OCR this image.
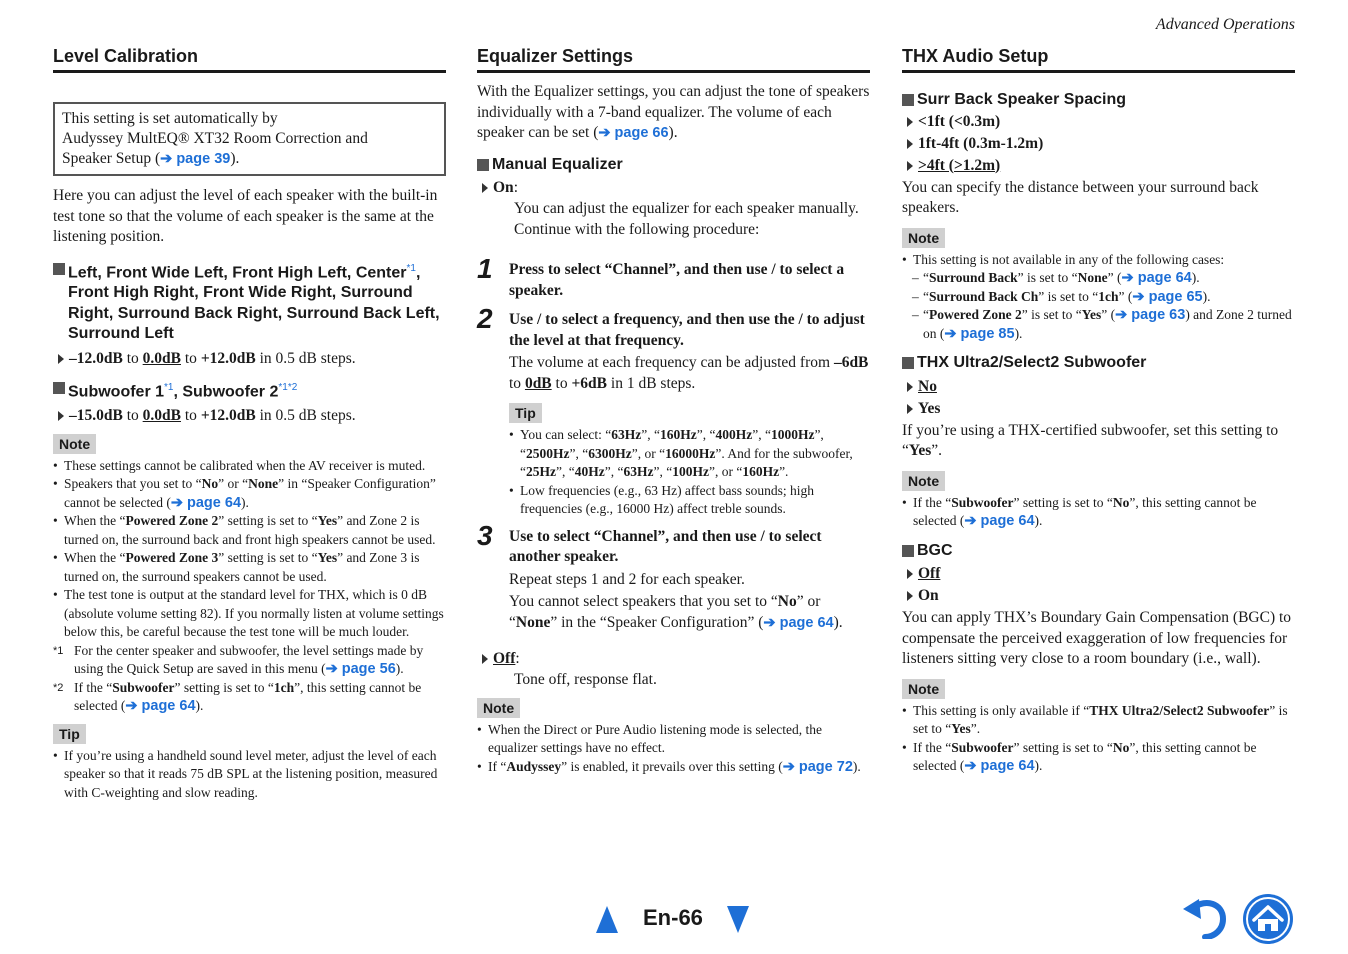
Advanced Operations
Level Calibration
This setting is set automatically by
Audyssey MultEQ® XT32 Room Correction and
Speaker Setup (➔ page 39).

Here you can adjust the level of each speaker with the built-in test tone so that the volume of each speaker is the same at the listening position.

Left, Front Wide Left, Front High Left, Center$^{*1}$, Front High Right, Front Wide Right, Surround Right, Surround Back Right, Surround Back Left, Surround Left
–12.0dB to 0.0dB to +12.0dB in 0.5 dB steps.
Subwoofer 1$^{*1}$, Subwoofer $2^{*1*2}$
–15.0dB to 0.0dB to +12.0dB in 0.5 dB steps.
Note
• These settings cannot be calibrated when the AV receiver is muted.
• Speakers that you set to “No” or “None” in “Speaker Configuration” cannot be selected (➔ page 64).
• When the “Powered Zone 2” setting is set to “Yes” and Zone 2 is turned on, the surround back and front high speakers cannot be used.
• When the “Powered Zone 3” setting is set to “Yes” and Zone 3 is turned on, the surround speakers cannot be used.
• The test tone is output at the standard level for THX, which is 0 dB (absolute volume setting 82). If you normally listen at volume settings below this, be careful because the test tone will be much louder.
*1 For the center speaker and subwoofer, the level settings made by using the Quick Setup are saved in this menu (➔ page 56).
*2 If the “Subwoofer” setting is set to “1ch”, this setting cannot be selected (➔ page 64).
Tip
• If you’re using a handheld sound level meter, adjust the level of each speaker so that it reads 75 dB SPL at the listening position, measured with C-weighting and slow reading.
Equalizer Settings

With the Equalizer settings, you can adjust the tone of speakers individually with a 7-band equalizer. The volume of each speaker can be set (➔ page 66).

Manual Equalizer
On:

You can adjust the equalizer for each speaker manually. Continue with the following procedure:

1 Press to select “Channel”, and then use / to select a speaker.
2 Use / to select a frequency, and then use the / to adjust the level at that frequency.

The volume at each frequency can be adjusted from –6dB to 0dB to +6dB in 1 dB steps.

Tip
• You can select: “63Hz”, “160Hz”, “400Hz”, “1000Hz”, “2500Hz”, “6300Hz”, or “16000Hz”. And for the subwoofer, “25Hz”, “40Hz”, “63Hz”, “100Hz”, or “160Hz”.
• Low frequencies (e.g., 63 Hz) affect bass sounds; high frequencies (e.g., 16000 Hz) affect treble sounds.
3 Use to select “Channel”, and then use / to select another speaker.

Repeat steps 1 and 2 for each speaker.

You cannot select speakers that you set to “No” or “None” in the “Speaker Configuration” (➔ page 64).

Off:

Tone off, response flat.

Note
• When the Direct or Pure Audio listening mode is selected, the equalizer settings have no effect.
• If “Audyssey” is enabled, it prevails over this setting (➔ page 72).
THX Audio Setup
Surr Back Speaker Spacing
<1ft (<0.3m)
1ft-4ft (0.3m-1.2m)
>4ft (>1.2m)

You can specify the distance between your surround back speakers.

Note
• This setting is not available in any of the following cases:
– “Surround Back” is set to “None” (➔ page 64).
– “Surround Back Ch” is set to “1ch” (➔ page 65).
– “Powered Zone 2” is set to “Yes” (➔ page 63) and Zone 2 turned on (➔ page 85).
THX Ultra2/Select2 Subwoofer
No
Yes

If you’re using a THX-certified subwoofer, set this setting to “Yes”.

Note
• If the “Subwoofer” setting is set to “No”, this setting cannot be selected (➔ page 64).
BGC
Off
On

You can apply THX’s Boundary Gain Compensation (BGC) to compensate the perceived exaggeration of low frequencies for listeners sitting very close to a room boundary (i.e., wall).

Note
• This setting is only available if “THX Ultra2/Select2 Subwoofer” is set to “Yes”.
• If the “Subwoofer” setting is set to “No”, this setting cannot be selected (➔ page 64).
En-66
